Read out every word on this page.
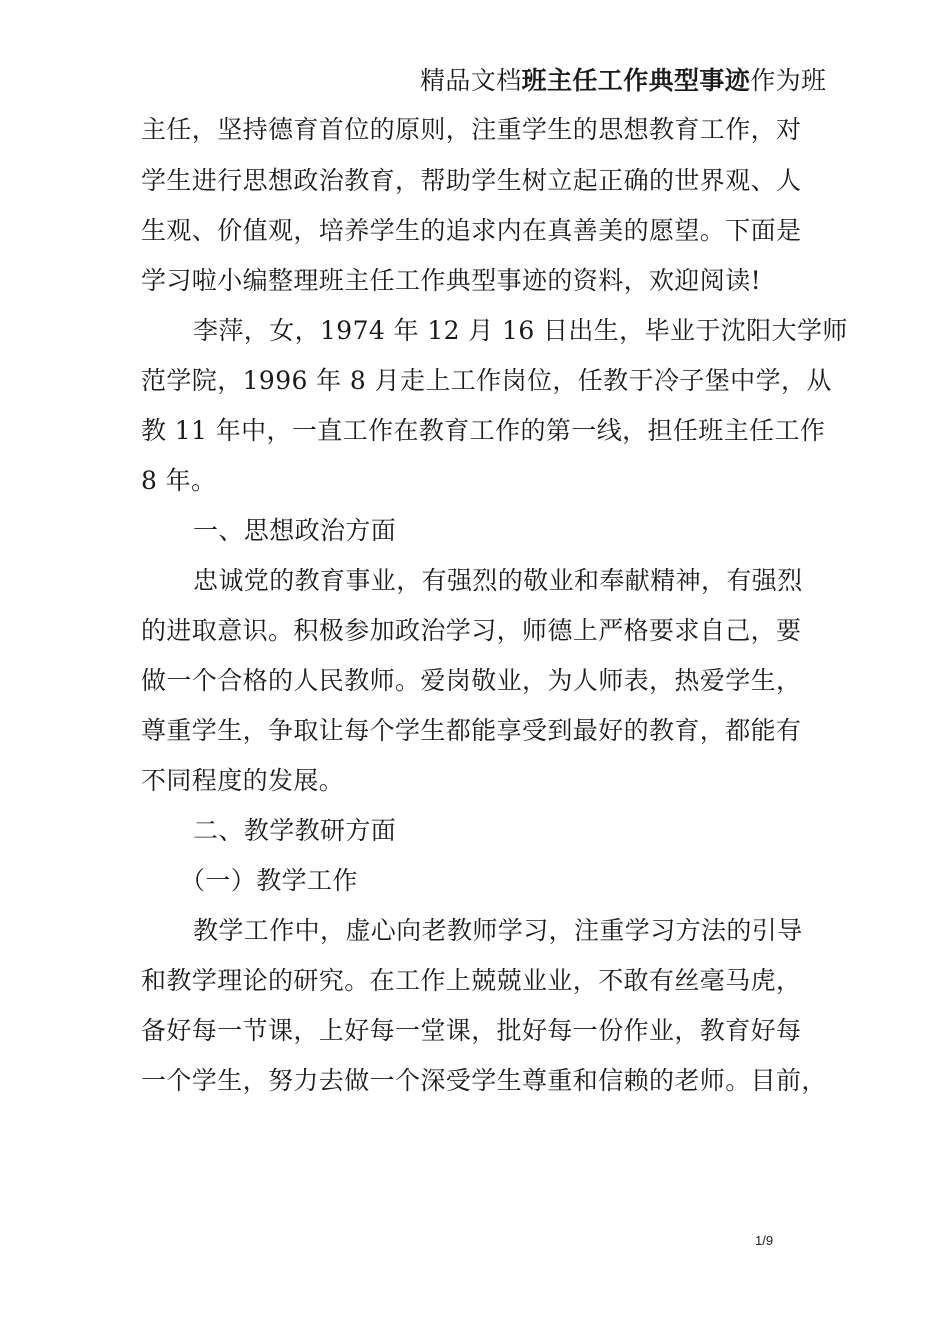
精品文档班主任工作典型事迹作为班
主任，坚持德育首位的原则，注重学生的思想教育工作，对
学生进行思想政治教育，帮助学生树立起正确的世界观、人
生观、价值观，培养学生的追求内在真善美的愿望。下面是
学习啦小编整理班主任工作典型事迹的资料，欢迎阅读!
李萍，女，1974 年 12 月 16 日出生，毕业于沈阳大学师
范学院，1996 年 8 月走上工作岗位，任教于冷子堡中学，从
教 11 年中，一直工作在教育工作的第一线，担任班主任工作
8 年。
一、思想政治方面
忠诚党的教育事业，有强烈的敬业和奉献精神，有强烈
的进取意识。积极参加政治学习，师德上严格要求自己，要
做一个合格的人民教师。爱岗敬业，为人师表，热爱学生，
尊重学生，争取让每个学生都能享受到最好的教育，都能有
不同程度的发展。
二、教学教研方面
（一）教学工作
教学工作中，虚心向老教师学习，注重学习方法的引导
和教学理论的研究。在工作上兢兢业业，不敢有丝毫马虎，
备好每一节课，上好每一堂课，批好每一份作业，教育好每
一个学生，努力去做一个深受学生尊重和信赖的老师。目前，
1/9
